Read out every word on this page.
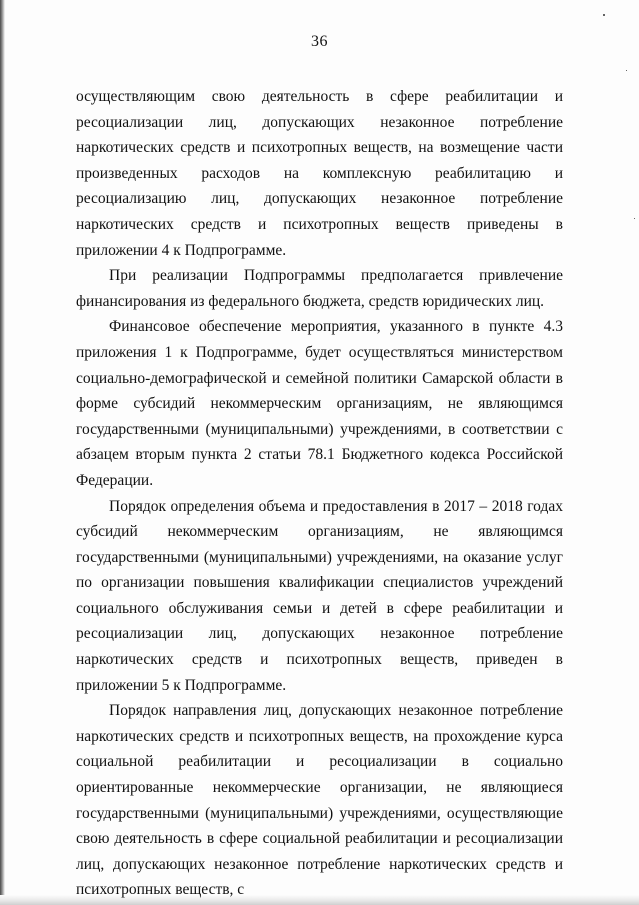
36

осуществляющим свою деятельность в сфере реабилитации и ресоциализации лиц, допускающих незаконное потребление наркотических средств и психотропных веществ, на возмещение части произведенных расходов на комплексную реабилитацию и ресоциализацию лиц, допускающих незаконное потребление наркотических средств и психотропных веществ приведены в приложении 4 к Подпрограмме.

При реализации Подпрограммы предполагается привлечение финансирования из федерального бюджета, средств юридических лиц.

Финансовое обеспечение мероприятия, указанного в пункте 4.3 приложения 1 к Подпрограмме, будет осуществляться министерством социально-демографической и семейной политики Самарской области в форме субсидий некоммерческим организациям, не являющимся государственными (муниципальными) учреждениями, в соответствии с абзацем вторым пункта 2 статьи 78.1 Бюджетного кодекса Российской Федерации.

Порядок определения объема и предоставления в 2017 – 2018 годах субсидий некоммерческим организациям, не являющимся государственными (муниципальными) учреждениями, на оказание услуг по организации повышения квалификации специалистов учреждений социального обслуживания семьи и детей в сфере реабилитации и ресоциализации лиц, допускающих незаконное потребление наркотических средств и психотропных веществ, приведен в приложении 5 к Подпрограмме.

Порядок направления лиц, допускающих незаконное потребление наркотических средств и психотропных веществ, на прохождение курса социальной реабилитации и ресоциализации в социально ориентированные некоммерческие организации, не являющиеся государственными (муниципальными) учреждениями, осуществляющие свою деятельность в сфере социальной реабилитации и ресоциализации лиц, допускающих незаконное потребление наркотических средств и психотропных веществ, с
